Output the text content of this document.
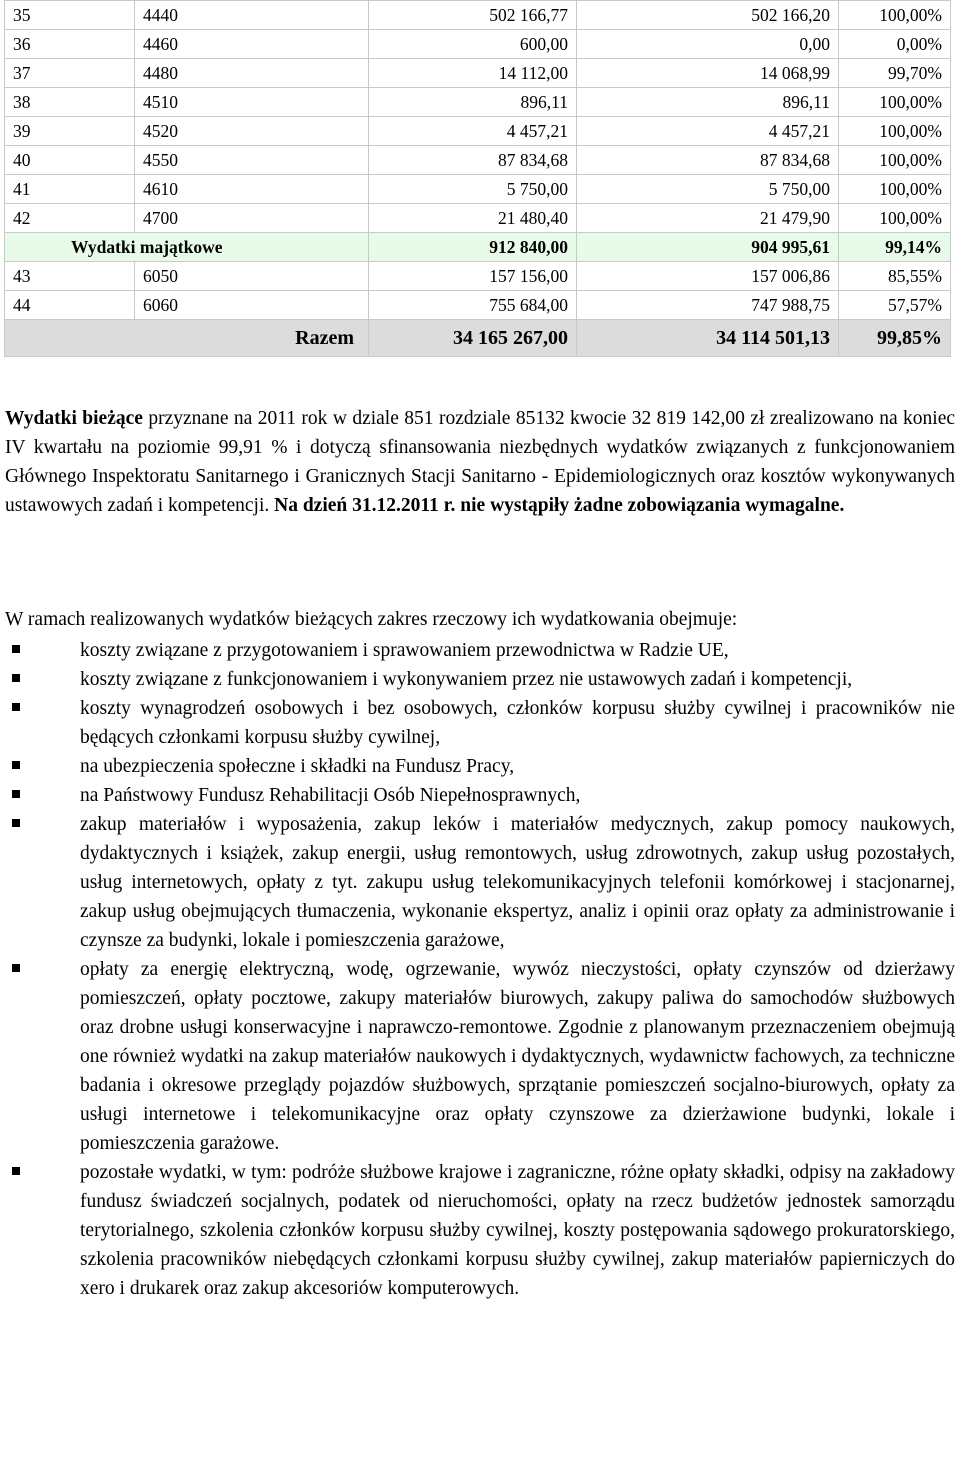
35	4440	502 166,77	502 166,20	100,00%
36	4460	600,00	0,00	0,00%
37	4480	14 112,00	14 068,99	99,70%
38	4510	896,11	896,11	100,00%
39	4520	4 457,21	4 457,21	100,00%
40	4550	87 834,68	87 834,68	100,00%
41	4610	5 750,00	5 750,00	100,00%
42	4700	21 480,40	21 479,90	100,00%
Wydatki majątkowe		912 840,00	904 995,61	99,14%
43	6050	157 156,00	157 006,86	85,55%
44	6060	755 684,00	747 988,75	57,57%
Razem		34 165 267,00	34 114 501,13	99,85%

Wydatki bieżące przyznane na 2011 rok w dziale 851 rozdziale 85132 kwocie 32 819 142,00 zł zrealizowano na koniec IV kwartału na poziomie 99,91 % i dotyczą sfinansowania niezbędnych wydatków związanych z funkcjonowaniem Głównego Inspektoratu Sanitarnego i Granicznych Stacji Sanitarno - Epidemiologicznych oraz kosztów wykonywanych ustawowych zadań i kompetencji. Na dzień 31.12.2011 r. nie wystąpiły żadne zobowiązania wymagalne.

W ramach realizowanych wydatków bieżących zakres rzeczowy ich wydatkowania obejmuje:

koszty związane z przygotowaniem i sprawowaniem przewodnictwa w Radzie UE,
koszty związane z funkcjonowaniem i wykonywaniem przez nie ustawowych zadań i kompetencji,
koszty wynagrodzeń osobowych i bez osobowych, członków korpusu służby cywilnej i pracowników nie będących członkami korpusu służby cywilnej,
na ubezpieczenia społeczne i składki na Fundusz Pracy,
na Państwowy Fundusz Rehabilitacji Osób Niepełnosprawnych,
zakup materiałów i wyposażenia, zakup leków i materiałów medycznych, zakup pomocy naukowych, dydaktycznych i książek, zakup energii, usług remontowych, usług zdrowotnych, zakup usług pozostałych, usług internetowych, opłaty z tyt. zakupu usług telekomunikacyjnych telefonii komórkowej i stacjonarnej, zakup usług obejmujących tłumaczenia, wykonanie ekspertyz, analiz i opinii oraz opłaty za administrowanie i czynsze za budynki, lokale i pomieszczenia garażowe,
opłaty za energię elektryczną, wodę, ogrzewanie, wywóz nieczystości, opłaty czynszów od dzierżawy pomieszczeń, opłaty pocztowe, zakupy materiałów biurowych, zakupy paliwa do samochodów służbowych oraz drobne usługi konserwacyjne i naprawczo-remontowe. Zgodnie z planowanym przeznaczeniem obejmują one również wydatki na zakup materiałów naukowych i dydaktycznych, wydawnictw fachowych, za techniczne badania i okresowe przeglądy pojazdów służbowych, sprzątanie pomieszczeń socjalno-biurowych, opłaty za usługi internetowe i telekomunikacyjne oraz opłaty czynszowe za dzierżawione budynki, lokale i pomieszczenia garażowe.
pozostałe wydatki, w tym: podróże służbowe krajowe i zagraniczne, różne opłaty składki, odpisy na zakładowy fundusz świadczeń socjalnych, podatek od nieruchomości, opłaty na rzecz budżetów jednostek samorządu terytorialnego, szkolenia członków korpusu służby cywilnej, koszty postępowania sądowego prokuratorskiego, szkolenia pracowników niebędących członkami korpusu służby cywilnej, zakup materiałów papierniczych do xero i drukarek oraz zakup akcesoriów komputerowych.
